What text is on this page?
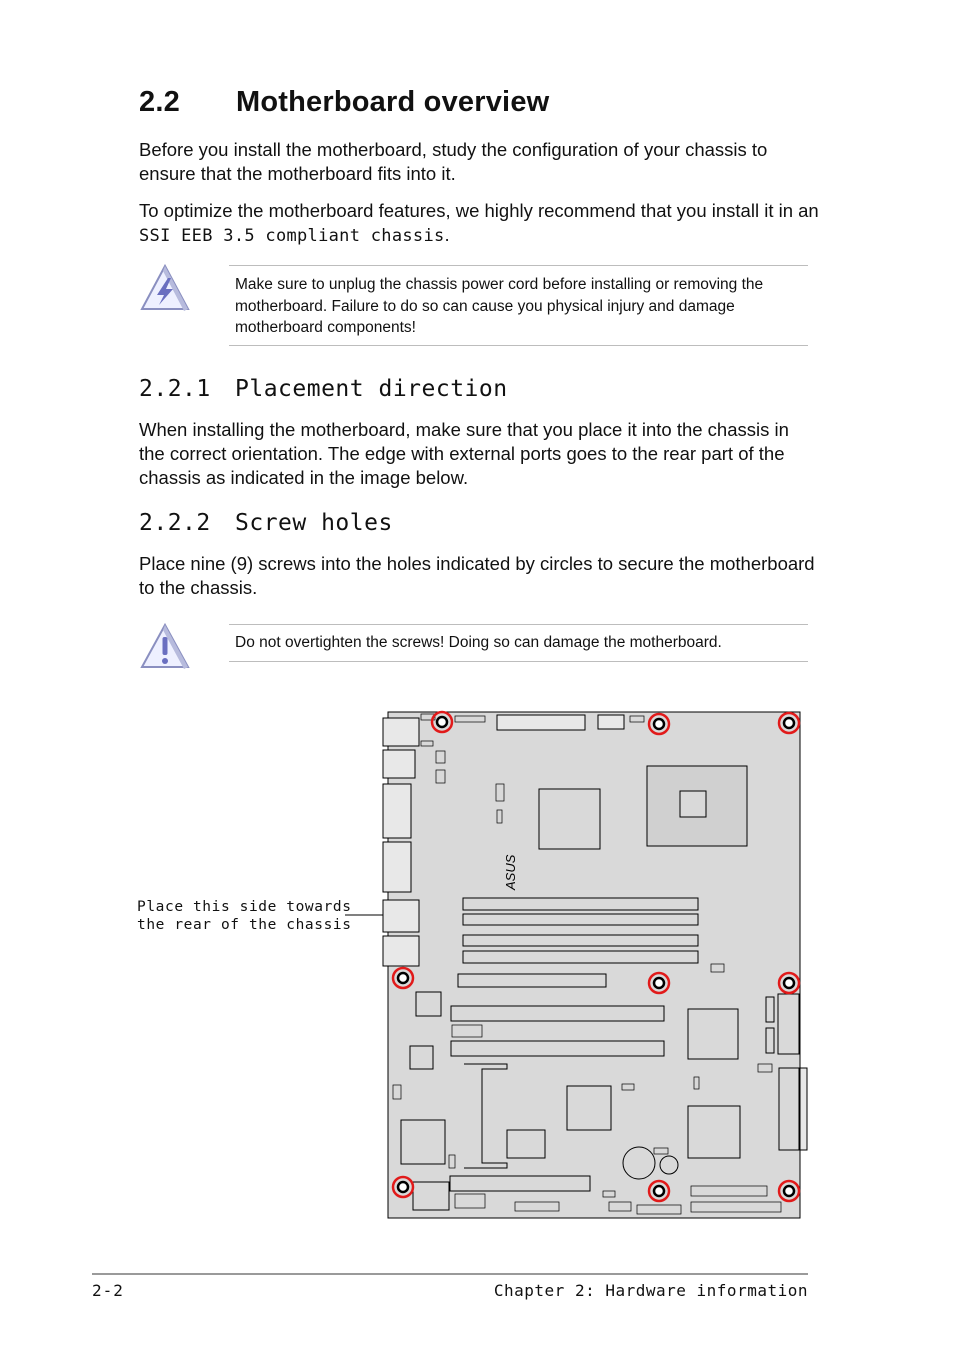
2.2 Motherboard overview
Before you install the motherboard, study the configuration of your chassis to ensure that the motherboard fits into it.
To optimize the motherboard features, we highly recommend that you install it in an SSI EEB 3.5 compliant chassis.
Make sure to unplug the chassis power cord before installing or removing the motherboard. Failure to do so can cause you physical injury and damage motherboard components!
2.2.1 Placement direction
When installing the motherboard, make sure that you place it into the chassis in the correct orientation. The edge with external ports goes to the rear part of the chassis as indicated in the image below.
2.2.2 Screw holes
Place nine (9) screws into the holes indicated by circles to secure the motherboard to the chassis.
Do not overtighten the screws! Doing so can damage the motherboard.
Place this side towards
the rear of the chassis
ASUS
2-2	Chapter 2: Hardware information
